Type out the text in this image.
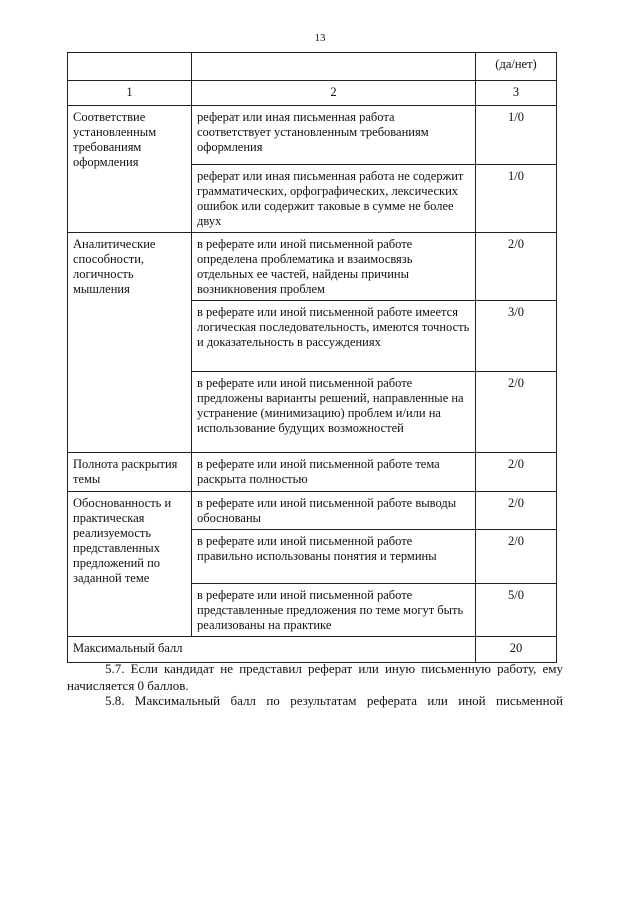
13
		(да/нет)
1	2	3
Соответствие установленным требованиям оформления	реферат или иная письменная работа соответствует установленным требованиям оформления	1/0
	реферат или иная письменная работа не содержит грамматических, орфографических, лексических ошибок или содержит таковые в сумме не более двух	1/0
Аналитические способности, логичность мышления	в реферате или иной письменной работе определена проблематика и взаимосвязь отдельных ее частей, найдены причины возникновения проблем	2/0
	в реферате или иной письменной работе имеется логическая последовательность, имеются точность и доказательность в рассуждениях	3/0
	в реферате или иной письменной работе предложены варианты решений, направленные на устранение (минимизацию) проблем и/или на использование будущих возможностей	2/0
Полнота раскрытия темы	в реферате или иной письменной работе тема раскрыта полностью	2/0
Обоснованность и практическая реализуемость представленных предложений по заданной теме	в реферате или иной письменной работе выводы обоснованы	2/0
	в реферате или иной письменной работе правильно использованы понятия и термины	2/0
	в реферате или иной письменной работе представленные предложения по теме могут быть реализованы на практике	5/0
Максимальный балл		20
5.7. Если кандидат не представил реферат или иную письменную работу, ему начисляется 0 баллов.
5.8. Максимальный балл по результатам реферата или иной письменной
